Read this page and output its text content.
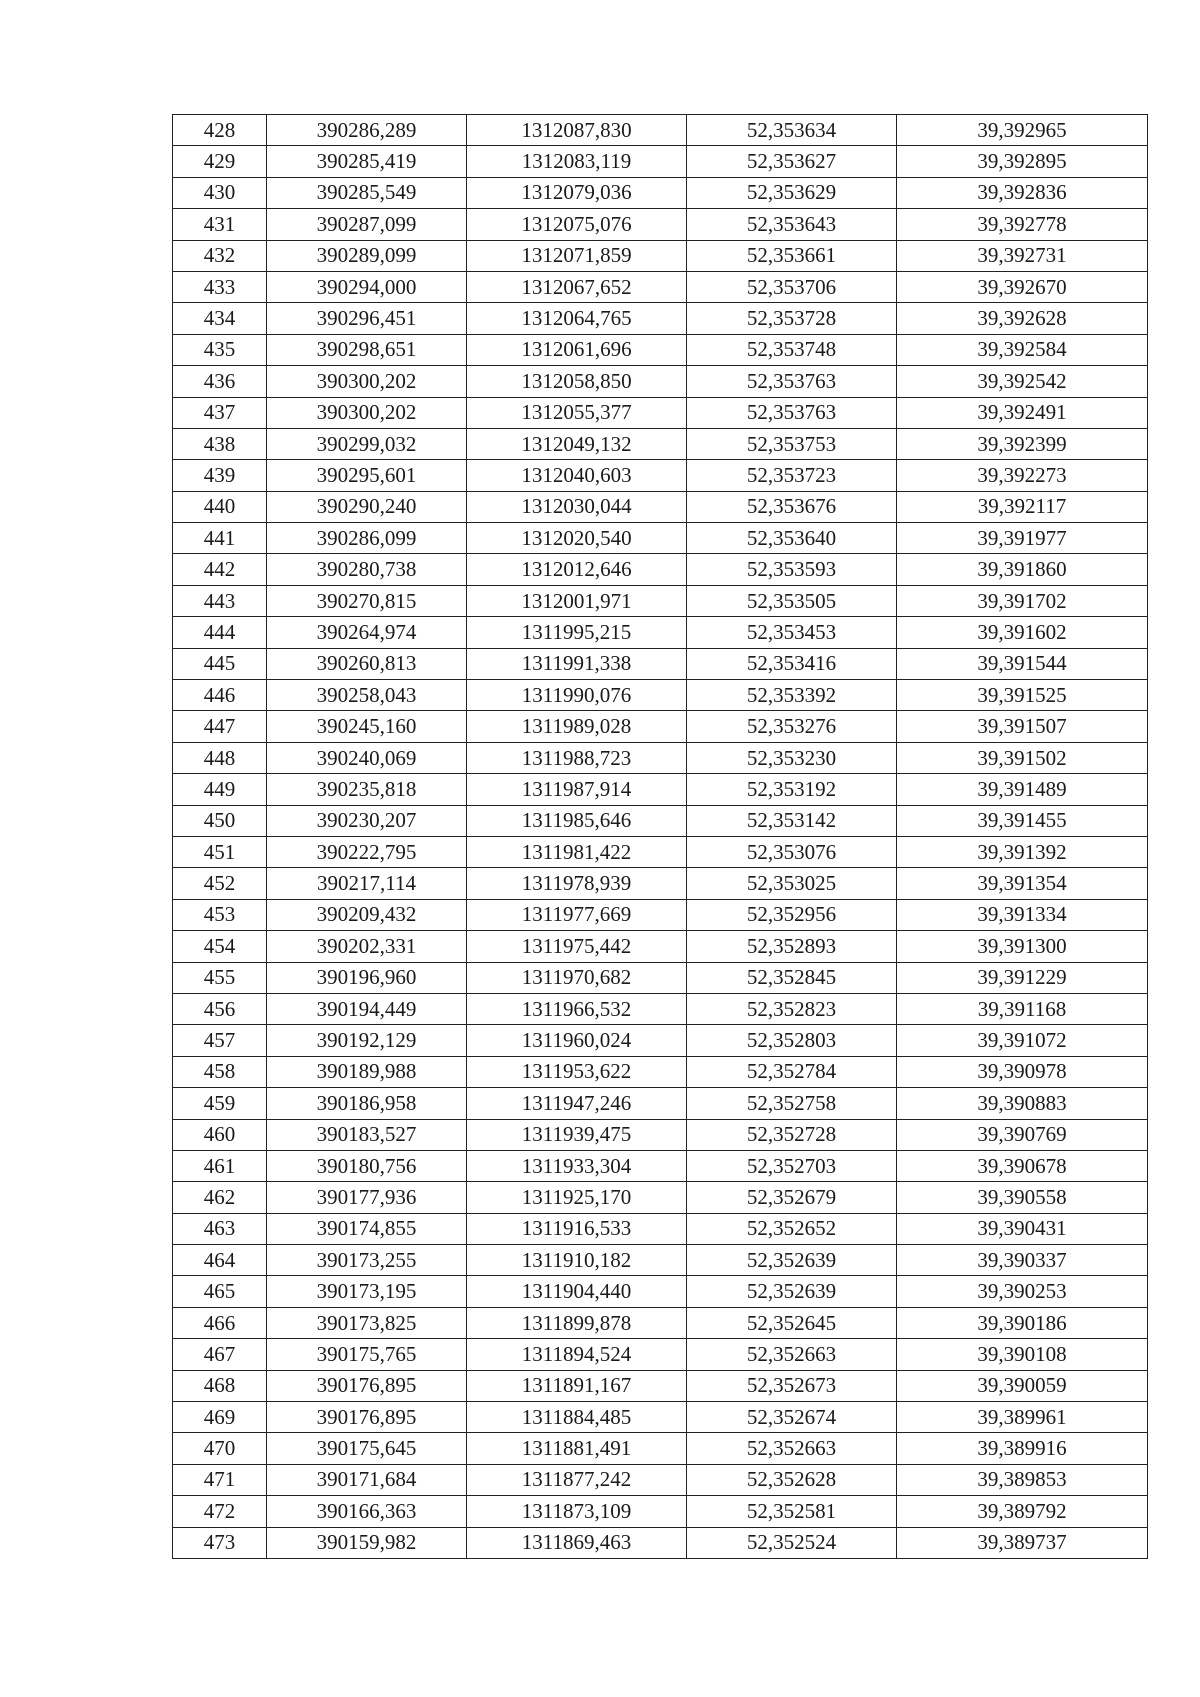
428	390286,289	1312087,830	52,353634	39,392965
429	390285,419	1312083,119	52,353627	39,392895
430	390285,549	1312079,036	52,353629	39,392836
431	390287,099	1312075,076	52,353643	39,392778
432	390289,099	1312071,859	52,353661	39,392731
433	390294,000	1312067,652	52,353706	39,392670
434	390296,451	1312064,765	52,353728	39,392628
435	390298,651	1312061,696	52,353748	39,392584
436	390300,202	1312058,850	52,353763	39,392542
437	390300,202	1312055,377	52,353763	39,392491
438	390299,032	1312049,132	52,353753	39,392399
439	390295,601	1312040,603	52,353723	39,392273
440	390290,240	1312030,044	52,353676	39,392117
441	390286,099	1312020,540	52,353640	39,391977
442	390280,738	1312012,646	52,353593	39,391860
443	390270,815	1312001,971	52,353505	39,391702
444	390264,974	1311995,215	52,353453	39,391602
445	390260,813	1311991,338	52,353416	39,391544
446	390258,043	1311990,076	52,353392	39,391525
447	390245,160	1311989,028	52,353276	39,391507
448	390240,069	1311988,723	52,353230	39,391502
449	390235,818	1311987,914	52,353192	39,391489
450	390230,207	1311985,646	52,353142	39,391455
451	390222,795	1311981,422	52,353076	39,391392
452	390217,114	1311978,939	52,353025	39,391354
453	390209,432	1311977,669	52,352956	39,391334
454	390202,331	1311975,442	52,352893	39,391300
455	390196,960	1311970,682	52,352845	39,391229
456	390194,449	1311966,532	52,352823	39,391168
457	390192,129	1311960,024	52,352803	39,391072
458	390189,988	1311953,622	52,352784	39,390978
459	390186,958	1311947,246	52,352758	39,390883
460	390183,527	1311939,475	52,352728	39,390769
461	390180,756	1311933,304	52,352703	39,390678
462	390177,936	1311925,170	52,352679	39,390558
463	390174,855	1311916,533	52,352652	39,390431
464	390173,255	1311910,182	52,352639	39,390337
465	390173,195	1311904,440	52,352639	39,390253
466	390173,825	1311899,878	52,352645	39,390186
467	390175,765	1311894,524	52,352663	39,390108
468	390176,895	1311891,167	52,352673	39,390059
469	390176,895	1311884,485	52,352674	39,389961
470	390175,645	1311881,491	52,352663	39,389916
471	390171,684	1311877,242	52,352628	39,389853
472	390166,363	1311873,109	52,352581	39,389792
473	390159,982	1311869,463	52,352524	39,389737
